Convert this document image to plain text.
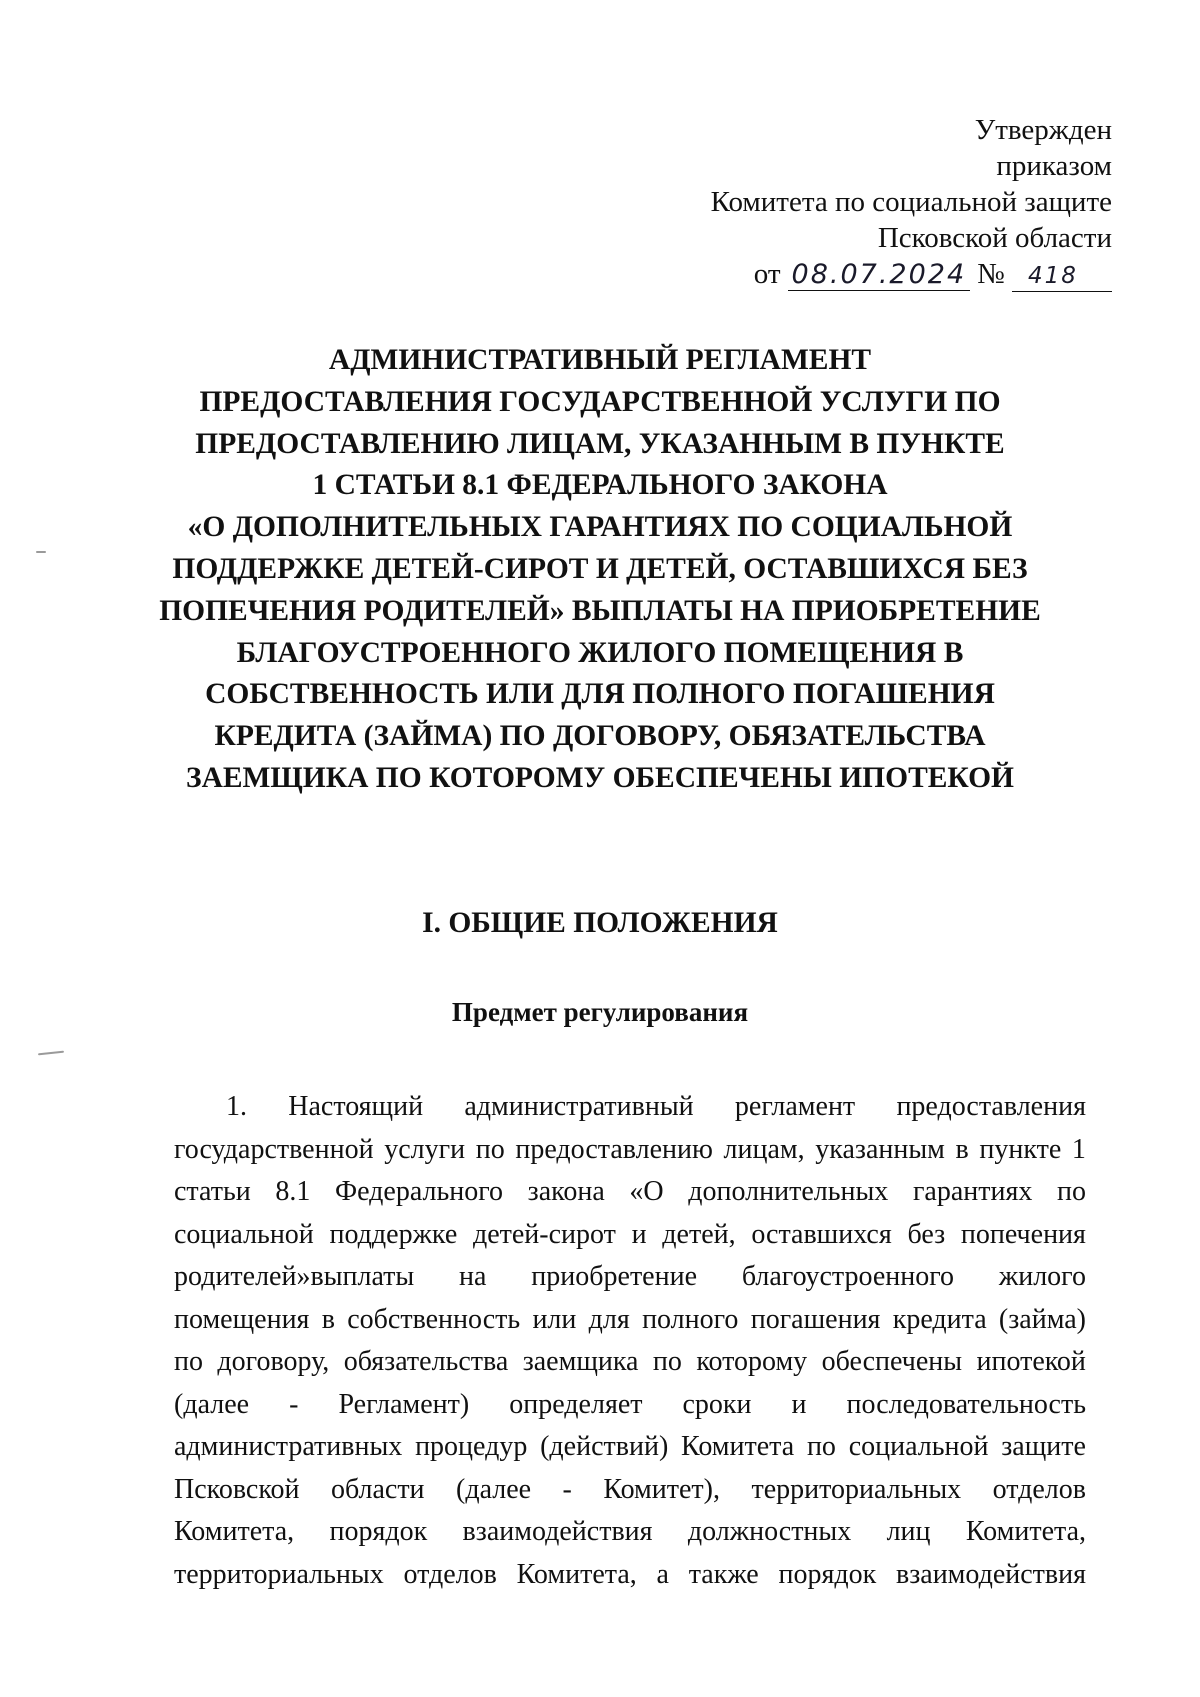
Утвержден
приказом
Комитета по социальной защите
Псковской области
от 08.07.2024 № 418
АДМИНИСТРАТИВНЫЙ РЕГЛАМЕНТ
ПРЕДОСТАВЛЕНИЯ ГОСУДАРСТВЕННОЙ УСЛУГИ ПО
ПРЕДОСТАВЛЕНИЮ ЛИЦАМ, УКАЗАННЫМ В ПУНКТЕ
1 СТАТЬИ 8.1 ФЕДЕРАЛЬНОГО ЗАКОНА
«О ДОПОЛНИТЕЛЬНЫХ ГАРАНТИЯХ ПО СОЦИАЛЬНОЙ
ПОДДЕРЖКЕ ДЕТЕЙ-СИРОТ И ДЕТЕЙ, ОСТАВШИХСЯ БЕЗ
ПОПЕЧЕНИЯ РОДИТЕЛЕЙ» ВЫПЛАТЫ НА ПРИОБРЕТЕНИЕ
БЛАГОУСТРОЕННОГО ЖИЛОГО ПОМЕЩЕНИЯ В
СОБСТВЕННОСТЬ ИЛИ ДЛЯ ПОЛНОГО ПОГАШЕНИЯ
КРЕДИТА (ЗАЙМА) ПО ДОГОВОРУ, ОБЯЗАТЕЛЬСТВА
ЗАЕМЩИКА ПО КОТОРОМУ ОБЕСПЕЧЕНЫ ИПОТЕКОЙ
I. ОБЩИЕ ПОЛОЖЕНИЯ
Предмет регулирования
1. Настоящий административный регламент предоставления
государственной услуги по предоставлению лицам, указанным в пункте 1
статьи 8.1 Федерального закона «О дополнительных гарантиях по
социальной поддержке детей-сирот и детей, оставшихся без попечения
родителей»выплаты на приобретение благоустроенного жилого
помещения в собственность или для полного погашения кредита (займа)
по договору, обязательства заемщика по которому обеспечены ипотекой
(далее - Регламент) определяет сроки и последовательность
административных процедур (действий) Комитета по социальной защите
Псковской области (далее - Комитет), территориальных отделов
Комитета, порядок взаимодействия должностных лиц Комитета,
территориальных отделов Комитета, а также порядок взаимодействия
